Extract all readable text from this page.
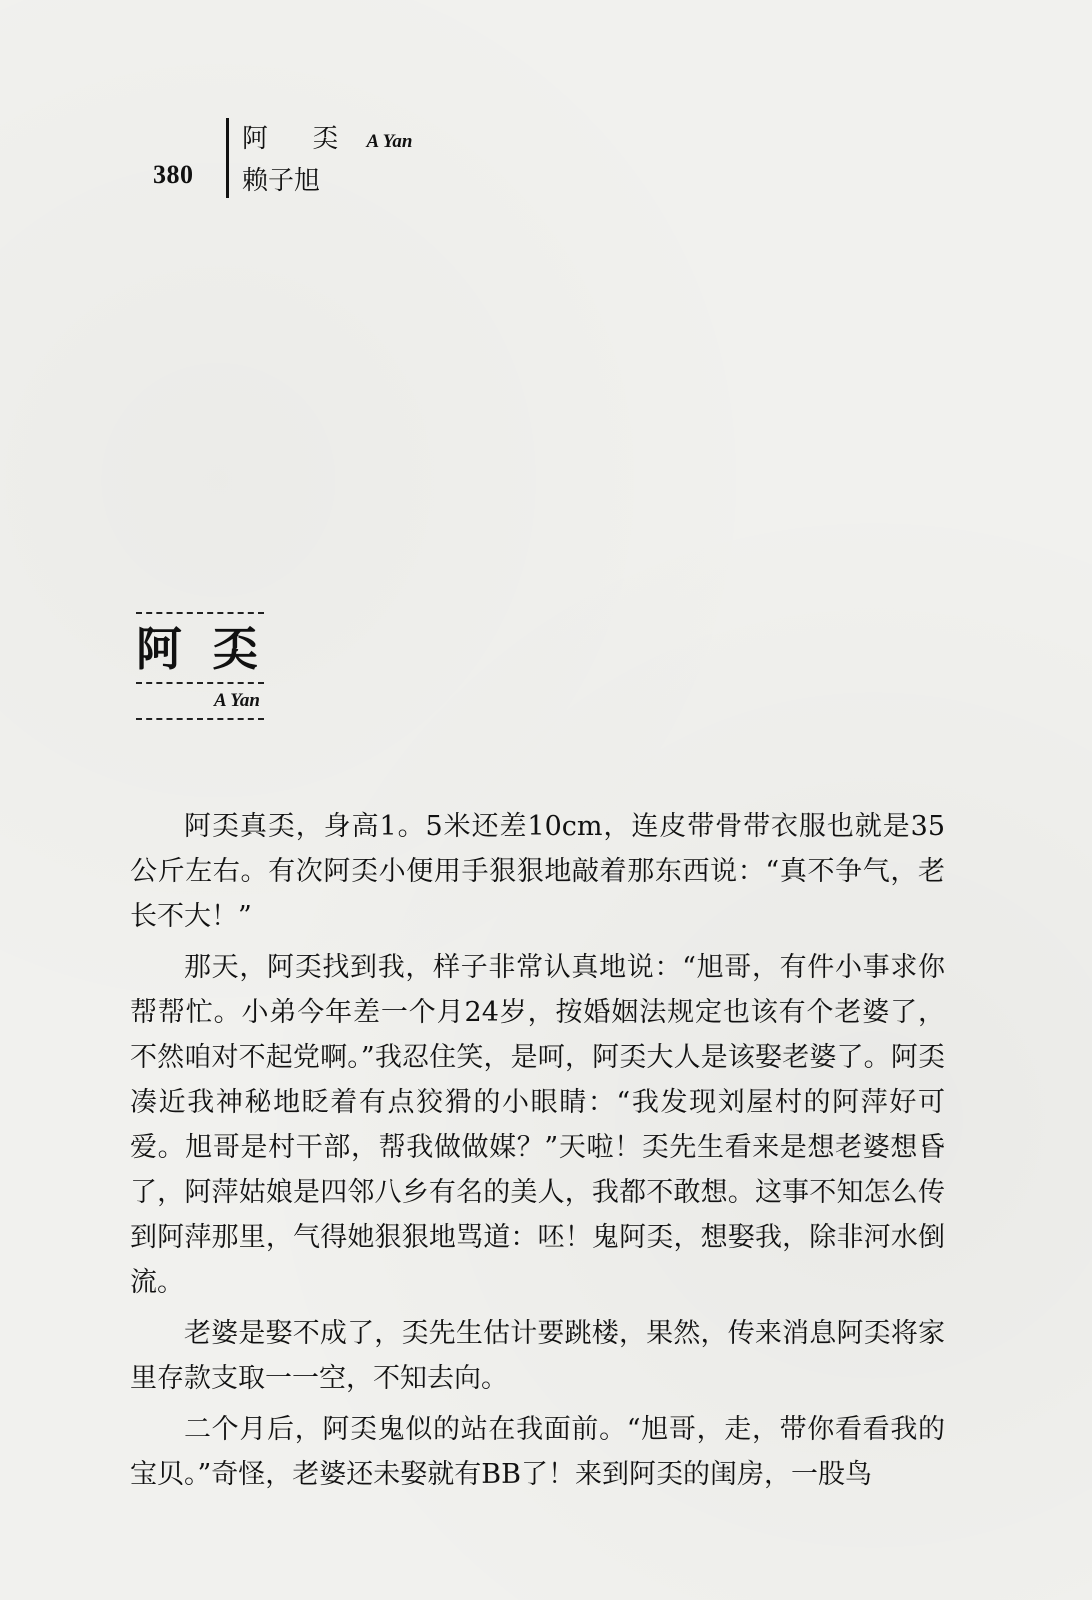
380
阿 奀 A Yan
赖子旭
阿奀
A Yan

阿奀真奀，身高1。5米还差10cm，连皮带骨带衣服也就是35公斤左右。有次阿奀小便用手狠狠地敲着那东西说：“真不争气，老长不大！”

那天，阿奀找到我，样子非常认真地说：“旭哥，有件小事求你帮帮忙。小弟今年差一个月24岁，按婚姻法规定也该有个老婆了，不然咱对不起党啊。”我忍住笑，是呵，阿奀大人是该娶老婆了。阿奀凑近我神秘地眨着有点狡猾的小眼睛：“我发现刘屋村的阿萍好可爱。旭哥是村干部，帮我做做媒？”天啦！奀先生看来是想老婆想昏了，阿萍姑娘是四邻八乡有名的美人，我都不敢想。这事不知怎么传到阿萍那里，气得她狠狠地骂道：呸！鬼阿奀，想娶我，除非河水倒流。

老婆是娶不成了，奀先生估计要跳楼，果然，传来消息阿奀将家里存款支取一一空，不知去向。

二个月后，阿奀鬼似的站在我面前。“旭哥，走，带你看看我的宝贝。”奇怪，老婆还未娶就有BB了！来到阿奀的闺房，一股鸟
